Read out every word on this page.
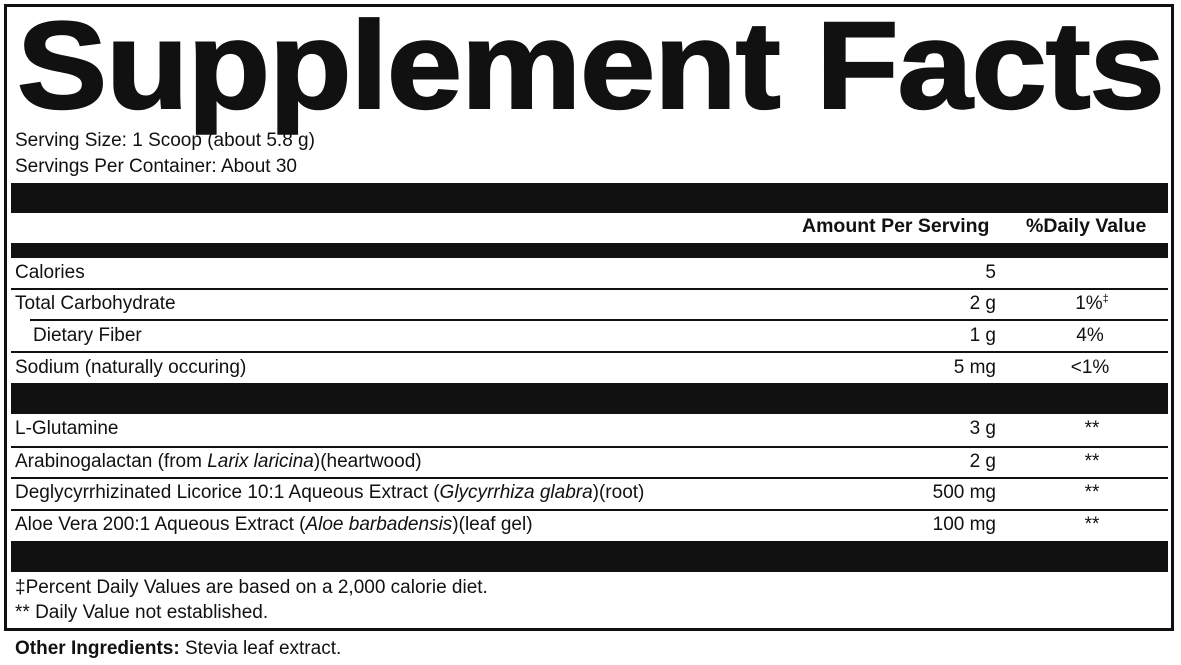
Supplement Facts
Serving Size: 1 Scoop (about 5.8 g)
Servings Per Container: About 30
Amount Per Serving %Daily Value
Calories	5
Total Carbohydrate	2 g	1%‡
Dietary Fiber	1 g	4%
Sodium (naturally occuring)	5 mg	<1%
L-Glutamine	3 g	**
Arabinogalactan (from Larix laricina)(heartwood)	2 g	**
Deglycyrrhizinated Licorice 10:1 Aqueous Extract (Glycyrrhiza glabra)(root)	500 mg	**
Aloe Vera 200:1 Aqueous Extract (Aloe barbadensis)(leaf gel)	100 mg	**
‡Percent Daily Values are based on a 2,000 calorie diet.
** Daily Value not established.
Other Ingredients: Stevia leaf extract.
